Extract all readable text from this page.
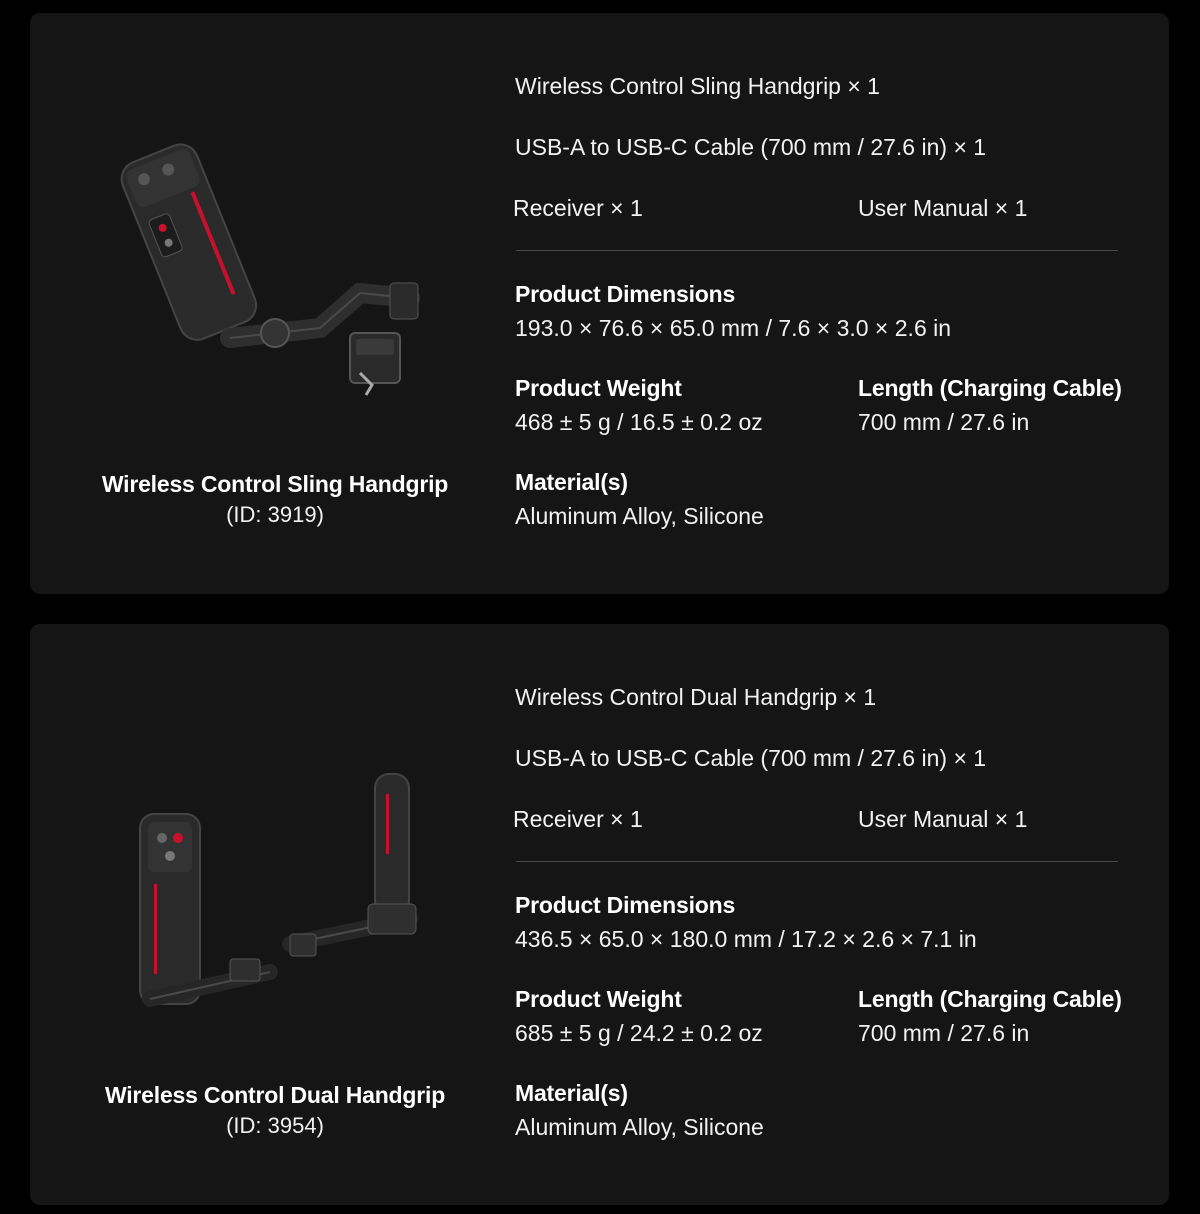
Wireless Control Sling Handgrip
(ID: 3919)
Wireless Control Sling Handgrip × 1
USB-A to USB-C Cable (700 mm / 27.6 in) × 1
Receiver × 1	User Manual × 1
Product Dimensions
193.0 × 76.6 × 65.0 mm / 7.6 × 3.0 × 2.6 in
Product Weight
468 ± 5 g / 16.5 ± 0.2 oz
Length (Charging Cable)
700 mm / 27.6 in
Material(s)
Aluminum Alloy, Silicone
Wireless Control Dual Handgrip
(ID: 3954)
Wireless Control Dual Handgrip × 1
USB-A to USB-C Cable (700 mm / 27.6 in) × 1
Receiver × 1	User Manual × 1
Product Dimensions
436.5 × 65.0 × 180.0 mm / 17.2 × 2.6 × 7.1 in
Product Weight
685 ± 5 g / 24.2 ± 0.2 oz
Length (Charging Cable)
700 mm / 27.6 in
Material(s)
Aluminum Alloy, Silicone
